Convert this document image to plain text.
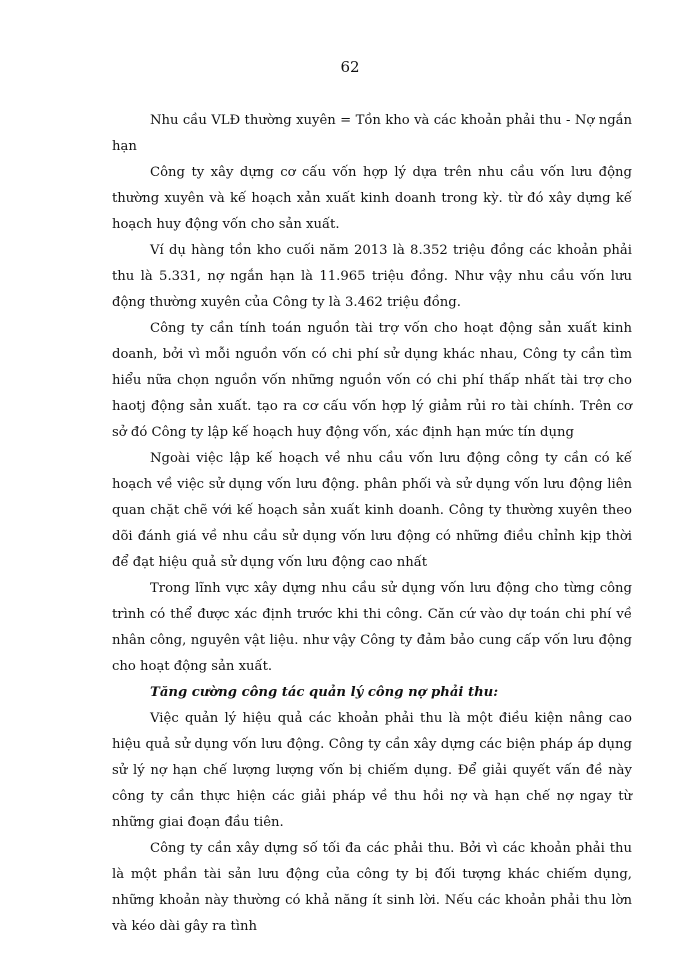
62

Nhu cầu VLĐ thường xuyên = Tồn kho và các khoản phải thu - Nợ ngắn hạn

Công ty xây dựng cơ cấu vốn hợp lý dựa trên nhu cầu vốn lưu động thường xuyên và kế hoạch xản xuất kinh doanh trong kỳ. từ đó xây dựng kế hoạch huy động vốn cho sản xuất.

Ví dụ hàng tồn kho cuối năm 2013 là 8.352 triệu đồng các khoản phải thu là 5.331, nợ ngắn hạn là 11.965 triệu đồng. Như vậy nhu cầu vốn lưu động thường xuyên của Công ty là 3.462 triệu đồng.

Công ty cần tính toán nguồn tài trợ vốn cho hoạt động sản xuất kinh doanh, bởi vì mỗi nguồn vốn có chi phí sử dụng khác nhau, Công ty cần tìm hiểu nữa chọn nguồn vốn những nguồn vốn có chi phí thấp nhất tài trợ cho haotj động sản xuất. tạo ra cơ cấu vốn hợp lý giảm rủi ro tài chính. Trên cơ sở đó Công ty lập kế hoạch huy động vốn, xác định hạn mức tín dụng

Ngoài việc lập kế hoạch về nhu cầu vốn lưu động công ty cần có kế hoạch về việc sử dụng vốn lưu động. phân phối và sử dụng vốn lưu động liên quan chặt chẽ với kế hoạch sản xuất kinh doanh. Công ty thường xuyên theo dõi đánh giá về nhu cầu sử dụng vốn lưu động có những điều chỉnh kịp thời để đạt hiệu quả sử dụng vốn lưu động cao nhất

Trong lĩnh vực xây dựng nhu cầu sử dụng vốn lưu động cho từng công trình có thể được xác định trước khi thi công. Căn cứ vào dự toán chi phí về nhân công, nguyên vật liệu. như vậy Công ty đảm bảo cung cấp vốn lưu động cho hoạt động sản xuất.

Tăng cường công tác quản lý công nợ phải thu:

Việc quản lý hiệu quả các khoản phải thu là một điều kiện nâng cao hiệu quả sử dụng vốn lưu động. Công ty cần xây dựng các biện pháp áp dụng sử lý nợ hạn chế lượng lượng vốn bị chiếm dụng. Để giải quyết vấn đề này công ty cần thực hiện các giải pháp về thu hồi nợ và hạn chế nợ ngay từ những giai đoạn đầu tiên.

Công ty cần xây dựng số tối đa các phải thu. Bởi vì các khoản phải thu là một phần tài sản lưu động của công ty bị đối tượng khác chiếm dụng, những khoản này thường có khả năng ít sinh lời. Nếu các khoản phải thu lờn và kéo dài gây ra tình
